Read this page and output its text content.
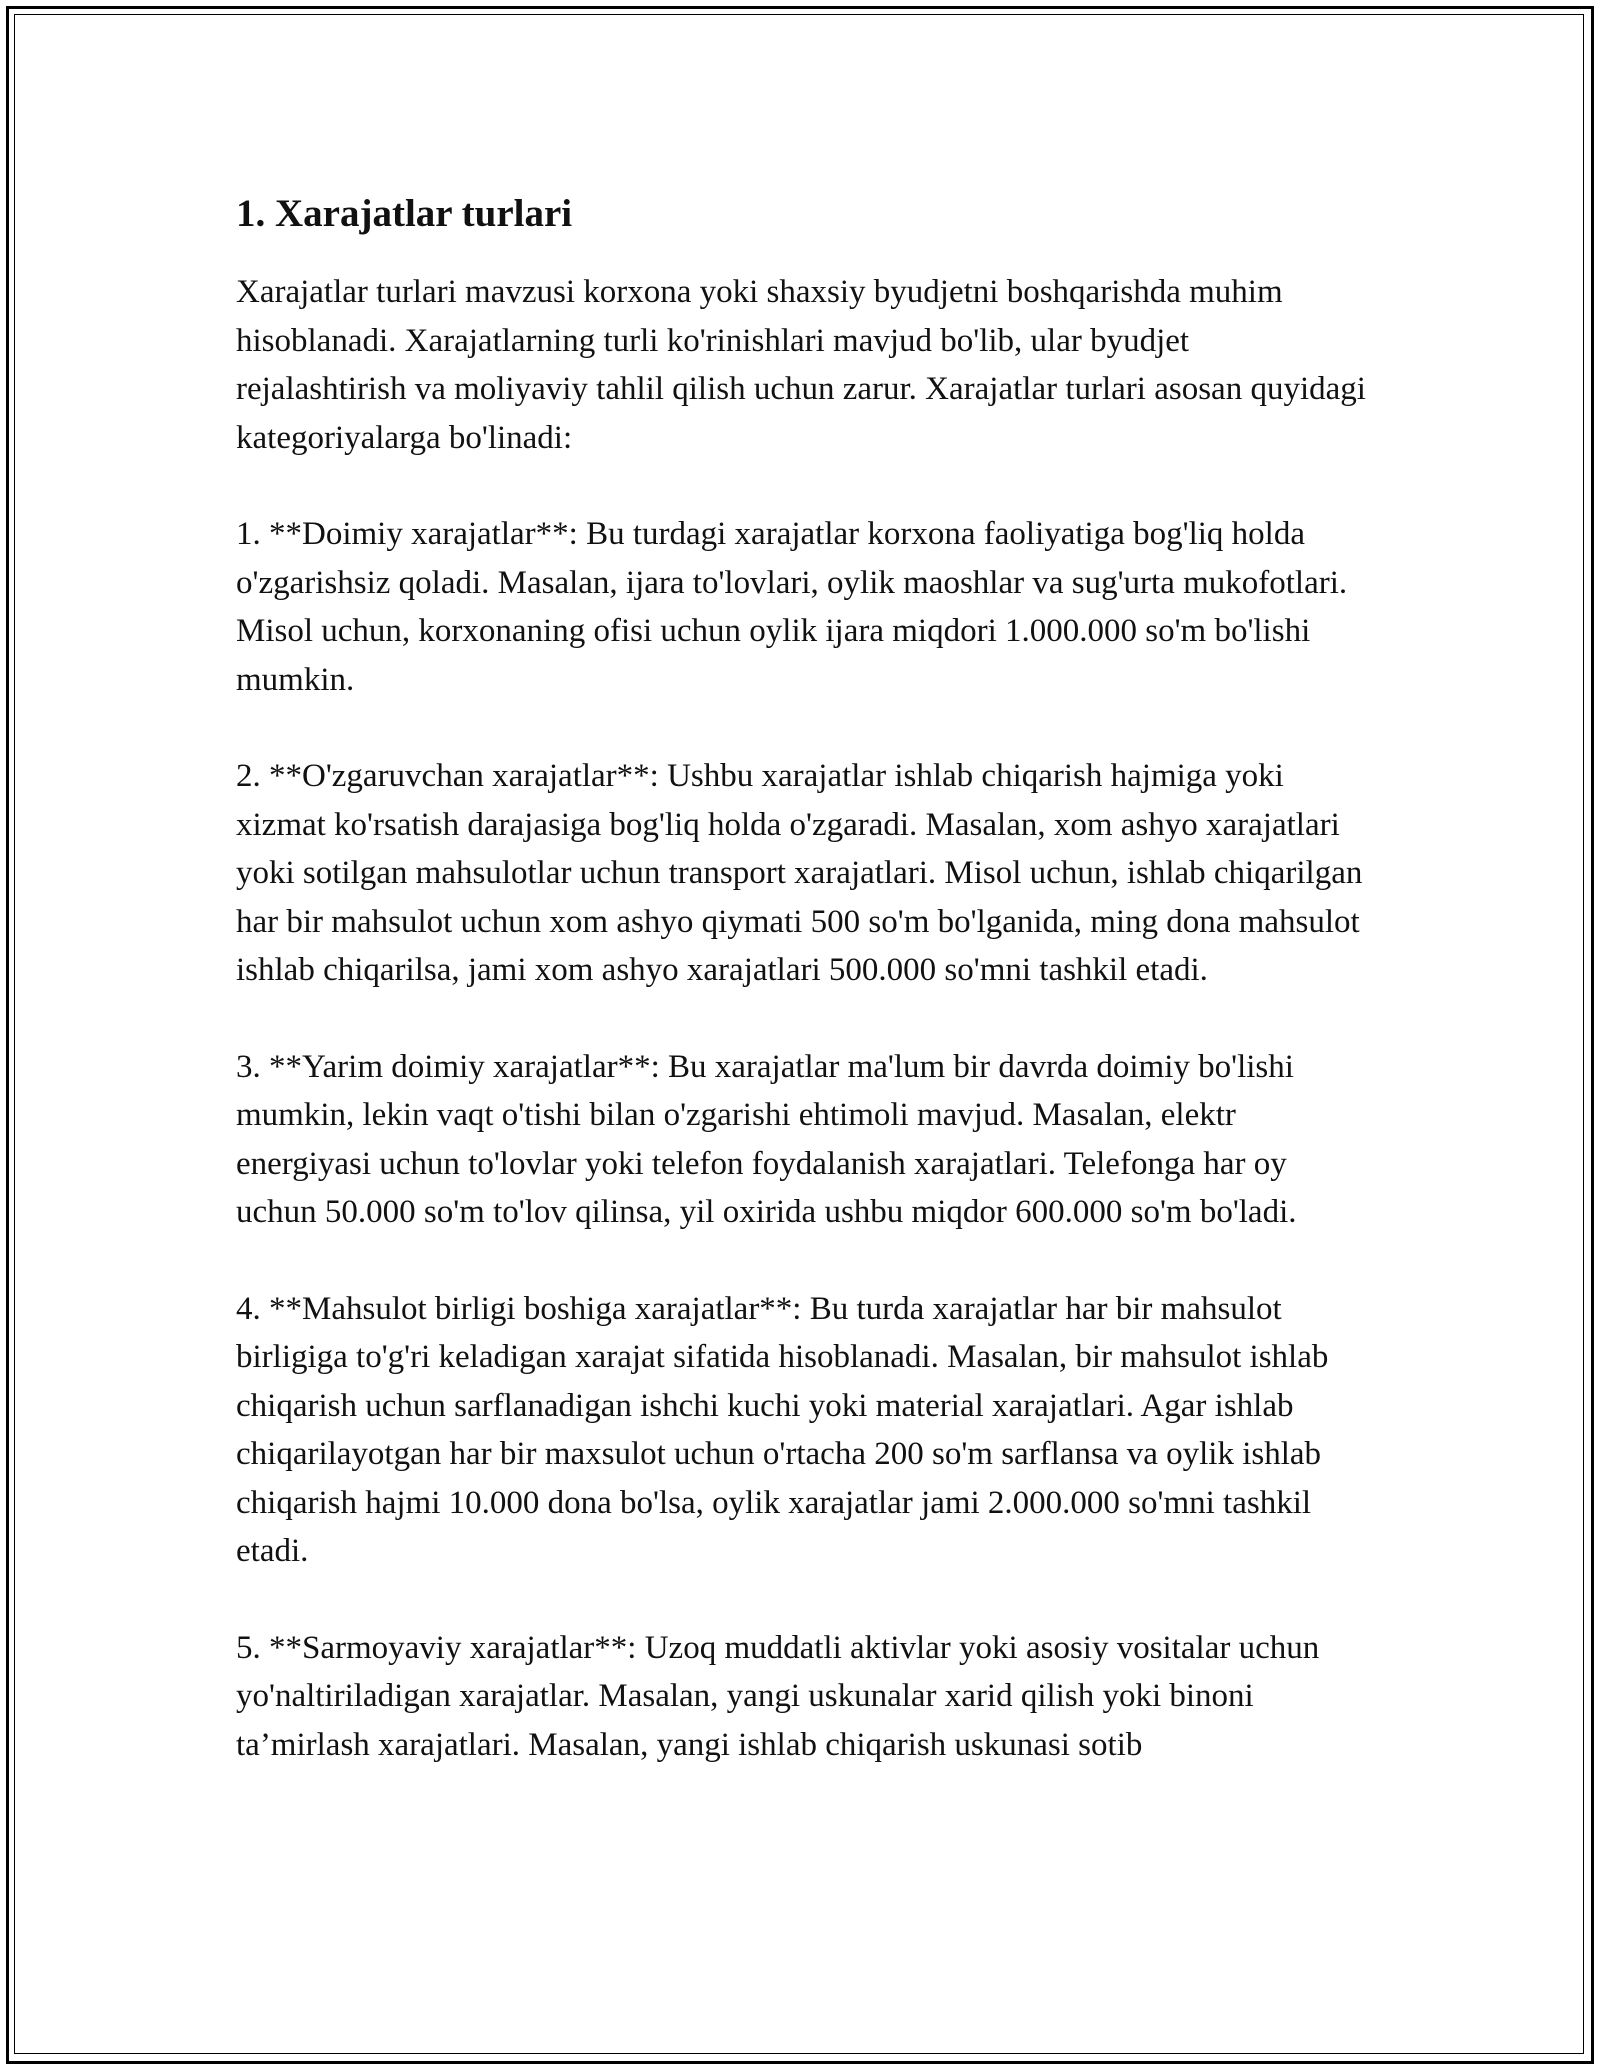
1. Xarajatlar turlari

Xarajatlar turlari mavzusi korxona yoki shaxsiy byudjetni boshqarishda muhim hisoblanadi. Xarajatlarning turli ko'rinishlari mavjud bo'lib, ular byudjet rejalashtirish va moliyaviy tahlil qilish uchun zarur. Xarajatlar turlari asosan quyidagi kategoriyalarga bo'linadi:

1. **Doimiy xarajatlar**: Bu turdagi xarajatlar korxona faoliyatiga bog'liq holda o'zgarishsiz qoladi. Masalan, ijara to'lovlari, oylik maoshlar va sug'urta mukofotlari. Misol uchun, korxonaning ofisi uchun oylik ijara miqdori 1.000.000 so'm bo'lishi mumkin.

2. **O'zgaruvchan xarajatlar**: Ushbu xarajatlar ishlab chiqarish hajmiga yoki xizmat ko'rsatish darajasiga bog'liq holda o'zgaradi. Masalan, xom ashyo xarajatlari yoki sotilgan mahsulotlar uchun transport xarajatlari. Misol uchun, ishlab chiqarilgan har bir mahsulot uchun xom ashyo qiymati 500 so'm bo'lganida, ming dona mahsulot ishlab chiqarilsa, jami xom ashyo xarajatlari 500.000 so'mni tashkil etadi.

3. **Yarim doimiy xarajatlar**: Bu xarajatlar ma'lum bir davrda doimiy bo'lishi mumkin, lekin vaqt o'tishi bilan o'zgarishi ehtimoli mavjud. Masalan, elektr energiyasi uchun to'lovlar yoki telefon foydalanish xarajatlari. Telefonga har oy uchun 50.000 so'm to'lov qilinsa, yil oxirida ushbu miqdor 600.000 so'm bo'ladi.

4. **Mahsulot birligi boshiga xarajatlar**: Bu turda xarajatlar har bir mahsulot birligiga to'g'ri keladigan xarajat sifatida hisoblanadi. Masalan, bir mahsulot ishlab chiqarish uchun sarflanadigan ishchi kuchi yoki material xarajatlari. Agar ishlab chiqarilayotgan har bir maxsulot uchun o'rtacha 200 so'm sarflansa va oylik ishlab chiqarish hajmi 10.000 dona bo'lsa, oylik xarajatlar jami 2.000.000 so'mni tashkil etadi.

5. **Sarmoyaviy xarajatlar**: Uzoq muddatli aktivlar yoki asosiy vositalar uchun yo'naltiriladigan xarajatlar. Masalan, yangi uskunalar xarid qilish yoki binoni ta’mirlash xarajatlari. Masalan, yangi ishlab chiqarish uskunasi sotib
